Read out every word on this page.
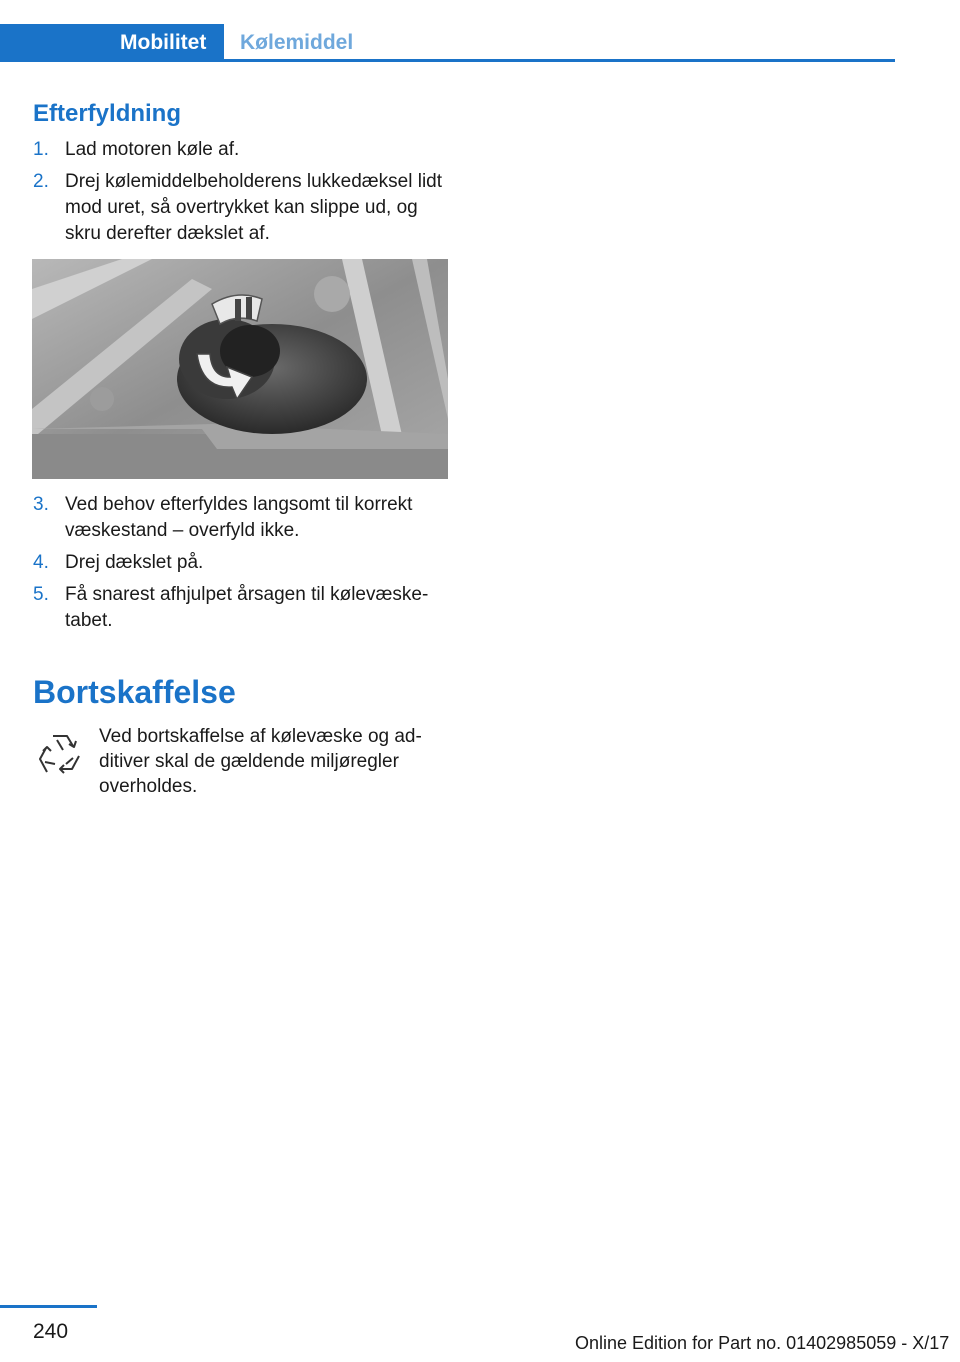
Mobilitet	Kølemiddel
Efterfyldning
1. Lad motoren køle af.
2. Drej kølemiddelbeholderens lukkedæksel lidt mod uret, så overtrykket kan slippe ud, og skru derefter dækslet af.
3. Ved behov efterfyldes langsomt til korrekt væskestand – overfyld ikke.
4. Drej dækslet på.
5. Få snarest afhjulpet årsagen til kølevæske‐tabet.
Bortskaffelse

Ved bortskaffelse af kølevæske og ad‐ditiver skal de gældende miljøregler overholdes.

240	Online Edition for Part no. 01402985059 - X/17
